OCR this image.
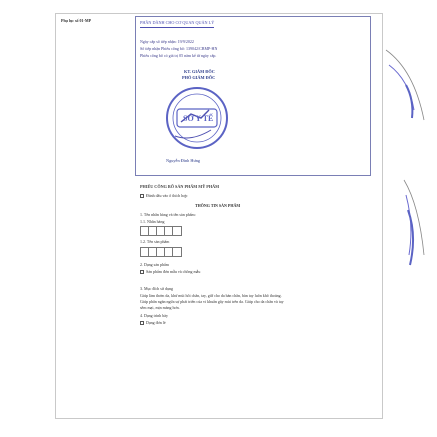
Phụ lục số 01-MP	PHẦN DÀNH CHO CƠ QUAN QUẢN LÝ
Ngày cấp số tiếp nhận: 19/9/2022
Số tiếp nhận Phiếu công bố: 139042/CBMP-HN
Phiếu công bố có giá trị 05 năm kể từ ngày cấp.
KT. GIÁM ĐỐC
PHÓ GIÁM ĐỐC
SỞ Y TẾ
Nguyễn Đình Hưng
PHIẾU CÔNG BỐ SẢN PHẨM MỸ PHẨM
Đánh dấu vào ô thích hợp
THÔNG TIN SẢN PHẨM
1. Tên nhãn hàng và tên sản phẩm:
1.1. Nhãn hàng
1.2. Tên sản phẩm
2. Dạng sản phẩm
Sản phẩm đơn mẫu và chồng mẫu
3. Mục đích sử dụng
Giúp làm thơm da, khử mùi hôi chân, tay, giữ cho da bàn chân, bàn tay luôn khô thoáng.
Giúp phấn ngăn ngừa sự phát triển của vi khuẩn gây mùi trên da. Giúp cho da chân và tay
sẽm mại, mịn màng hơn.
4. Dạng trình bày
Dạng đơn lẻ
